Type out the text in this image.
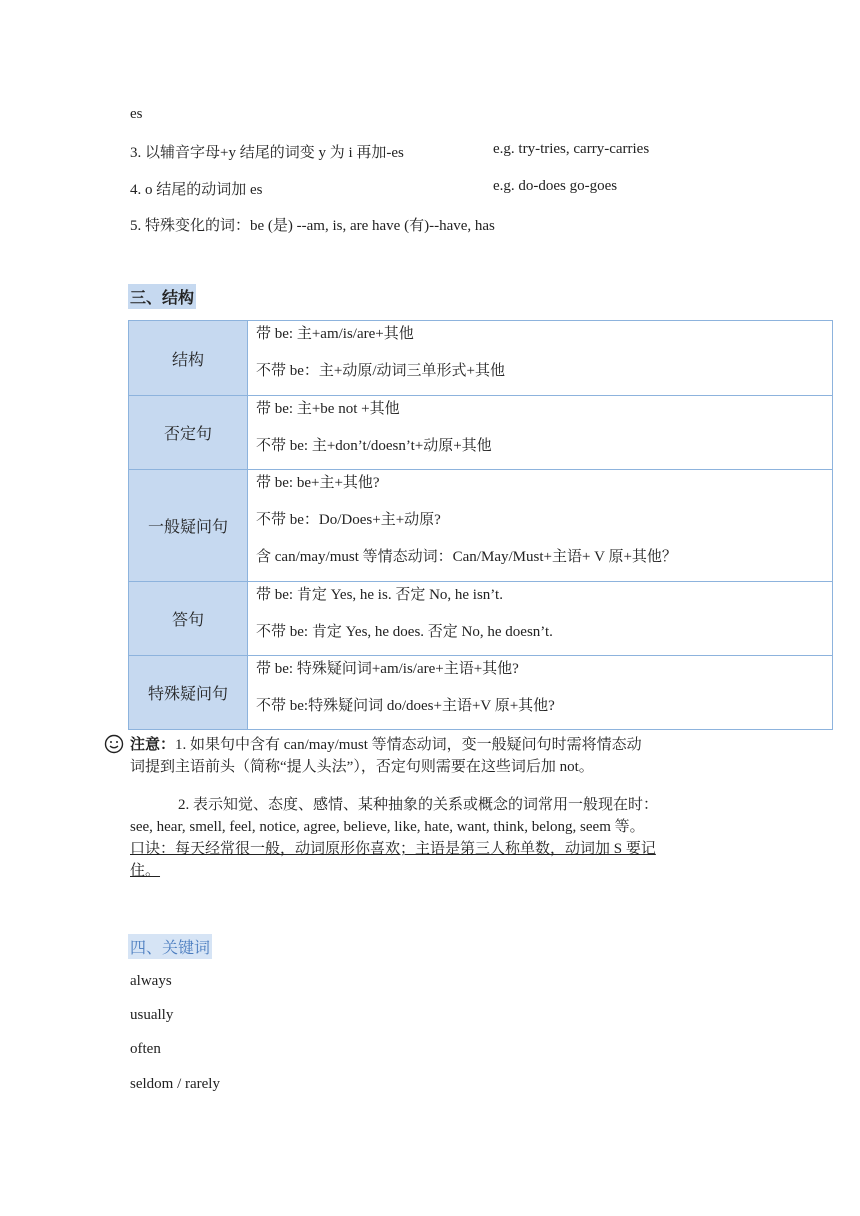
es
3. 以辅音字母+y 结尾的词变 y 为 i 再加-es	e.g. try-tries, carry-carries
4. o 结尾的动词加 es	e.g. do-does go-goes
5. 特殊变化的词：be (是) --am, is, are have (有)--have, has
三、结构
结构	带 be: 主+am/is/are+其他
不带 be：主+动原/动词三单形式+其他

否定句	带 be: 主+be not +其他
不带 be: 主+don’t/doesn’t+动原+其他

一般疑问句	带 be: be+主+其他?
不带 be：Do/Does+主+动原?
含 can/may/must 等情态动词：Can/May/Must+主语+ V 原+其他？

答句	带 be: 肯定 Yes, he is. 否定 No, he isn’t.
不带 be: 肯定 Yes, he does. 否定 No, he doesn’t.

特殊疑问句	带 be: 特殊疑问词+am/is/are+主语+其他?
不带 be:特殊疑问词 do/does+主语+V 原+其他?
注意：1. 如果句中含有 can/may/must 等情态动词，变一般疑问句时需将情态动
词提到主语前头（简称“提人头法”），否定句则需要在这些词后加 not。
2. 表示知觉、态度、感情、某种抽象的关系或概念的词常用一般现在时：
see, hear, smell, feel, notice, agree, believe, like, hate, want, think, belong, seem 等。
口诀：每天经常很一般，动词原形你喜欢；主语是第三人称单数，动词加 S 要记
住。
四、关键词
always
usually
often
seldom / rarely
